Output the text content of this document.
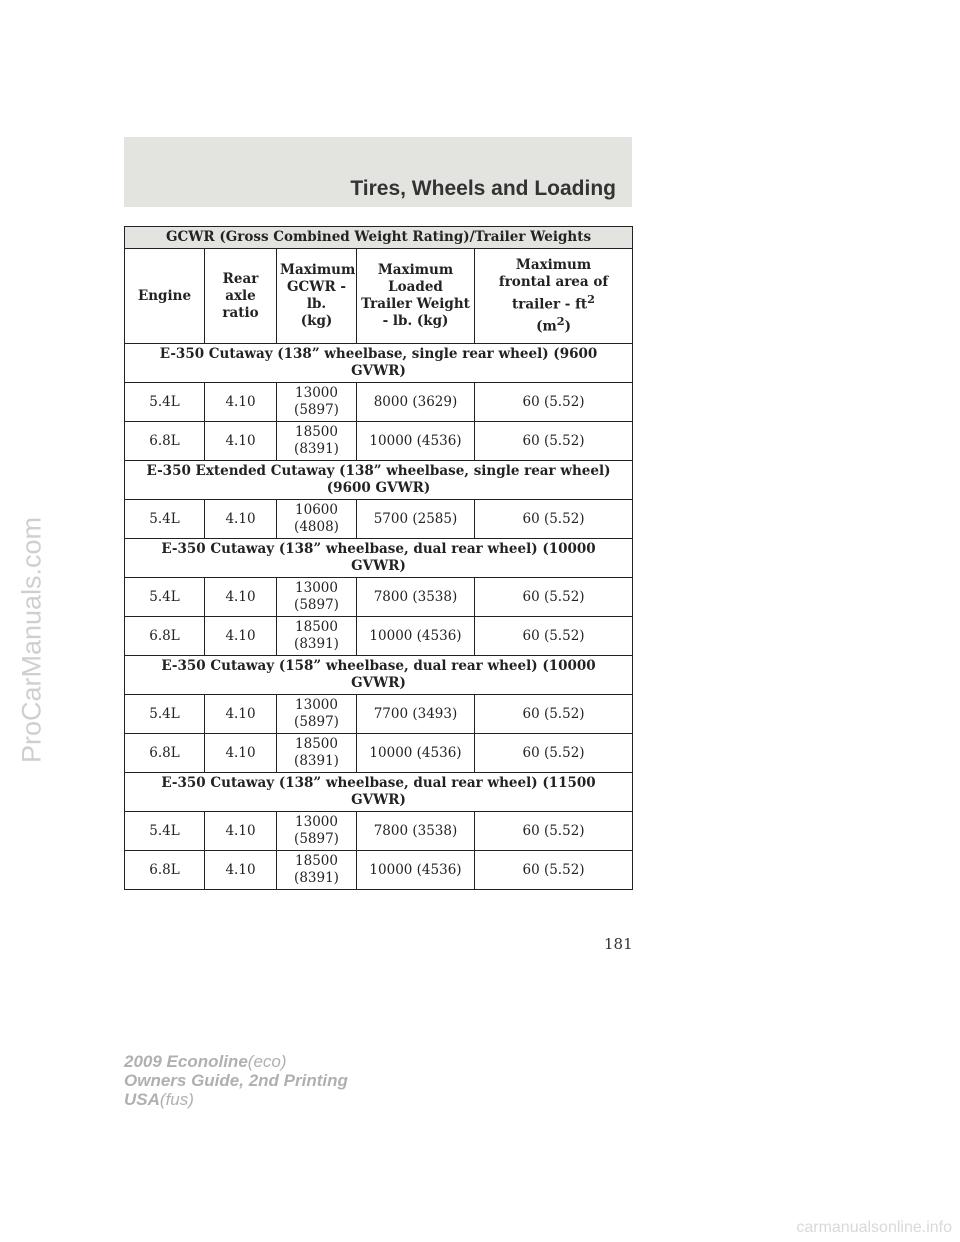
Tires, Wheels and Loading
ProCarManuals.com
GCWR (Gross Combined Weight Rating)/Trailer Weights				
Engine	Rear
axle
ratio	Maximum
GCWR - lb.
(kg)	Maximum
Loaded
Trailer Weight
- lb. (kg)	Maximum
frontal area of
trailer - $ft^2$
$(m^2)$
E-350 Cutaway (138” wheelbase, single rear wheel) (9600
GVWR)				
5.4L	4.10	13000
(5897)	8000 (3629)	60 (5.52)
6.8L	4.10	18500
(8391)	10000 (4536)	60 (5.52)
E-350 Extended Cutaway (138” wheelbase, single rear wheel)
(9600 GVWR)				
5.4L	4.10	10600
(4808)	5700 (2585)	60 (5.52)
E-350 Cutaway (138” wheelbase, dual rear wheel) (10000
GVWR)				
5.4L	4.10	13000
(5897)	7800 (3538)	60 (5.52)
6.8L	4.10	18500
(8391)	10000 (4536)	60 (5.52)
E-350 Cutaway (158” wheelbase, dual rear wheel) (10000
GVWR)				
5.4L	4.10	13000
(5897)	7700 (3493)	60 (5.52)
6.8L	4.10	18500
(8391)	10000 (4536)	60 (5.52)
E-350 Cutaway (138” wheelbase, dual rear wheel) (11500
GVWR)				
5.4L	4.10	13000
(5897)	7800 (3538)	60 (5.52)
6.8L	4.10	18500
(8391)	10000 (4536)	60 (5.52)
181
2009 Econoline(eco)
Owners Guide, 2nd Printing
USA(fus)
carmanualsonline.info
